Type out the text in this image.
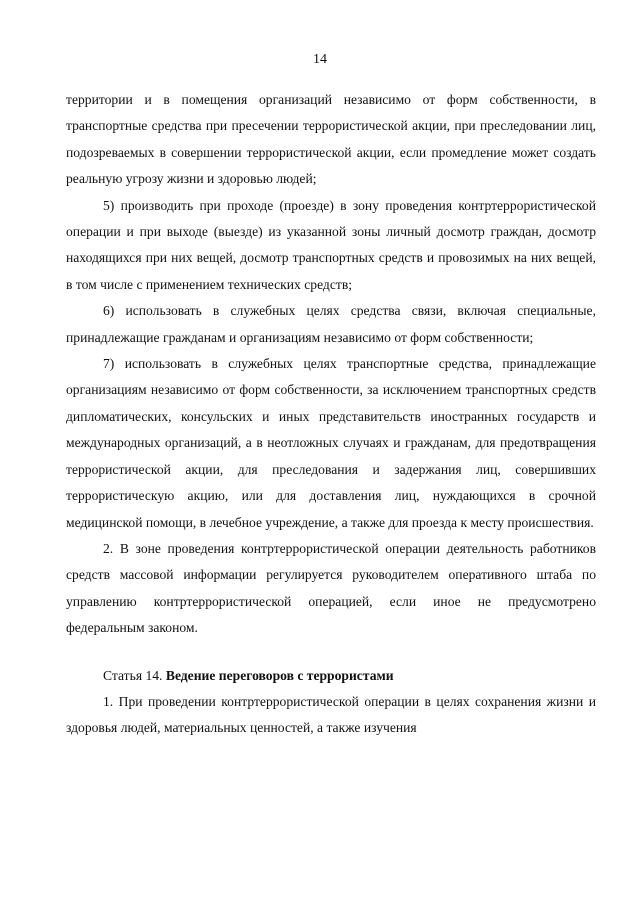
14

территории и в помещения организаций независимо от форм собственности, в транспортные средства при пресечении террористической акции, при преследовании лиц, подозреваемых в совершении террористической акции, если промедление может создать реальную угрозу жизни и здоровью людей;

5) производить при проходе (проезде) в зону проведения контртеррористической операции и при выходе (выезде) из указанной зоны личный досмотр граждан, досмотр находящихся при них вещей, досмотр транспортных средств и провозимых на них вещей, в том числе с применением технических средств;

6) использовать в служебных целях средства связи, включая специальные, принадлежащие гражданам и организациям независимо от форм собственности;

7) использовать в служебных целях транспортные средства, принадлежащие организациям независимо от форм собственности, за исключением транспортных средств дипломатических, консульских и иных представительств иностранных государств и международных организаций, а в неотложных случаях и гражданам, для предотвращения террористической акции, для преследования и задержания лиц, совершивших террористическую акцию, или для доставления лиц, нуждающихся в срочной медицинской помощи, в лечебное учреждение, а также для проезда к месту происшествия.

2. В зоне проведения контртеррористической операции деятельность работников средств массовой информации регулируется руководителем оперативного штаба по управлению контртеррористической операцией, если иное не предусмотрено федеральным законом.

Статья 14. Ведение переговоров с террористами

1. При проведении контртеррористической операции в целях сохранения жизни и здоровья людей, материальных ценностей, а также изучения
